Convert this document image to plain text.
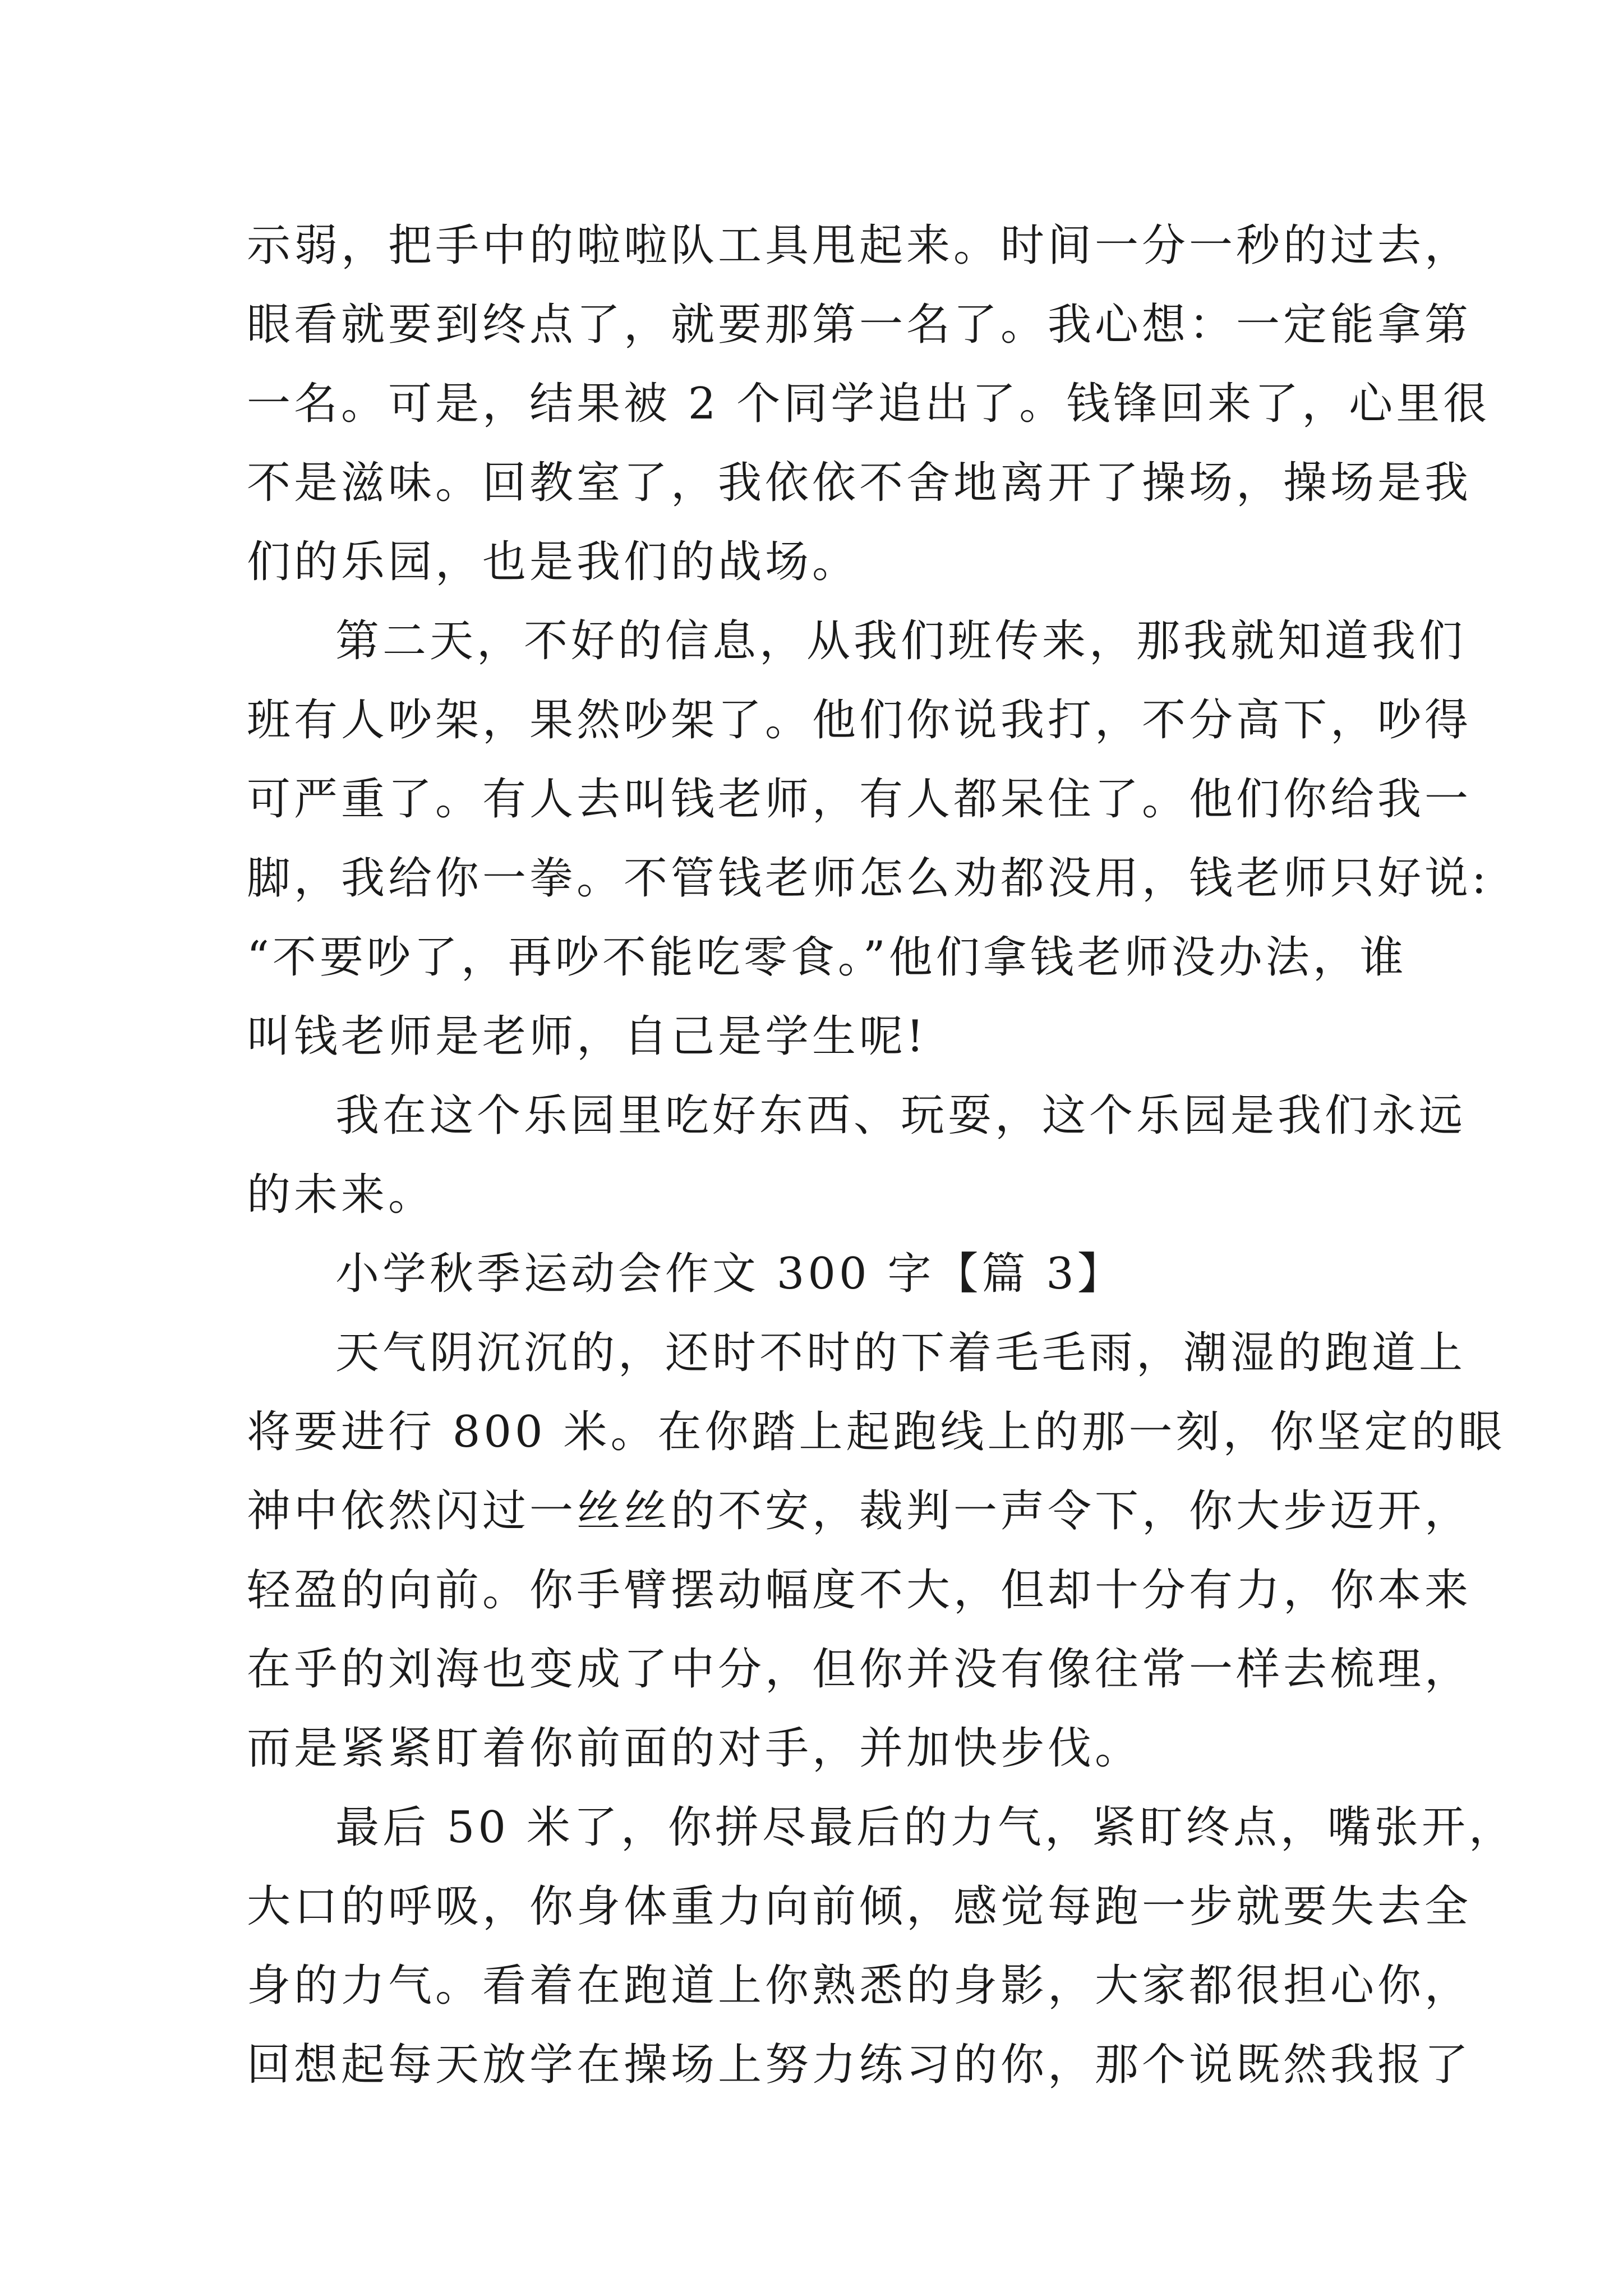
示弱，把手中的啦啦队工具甩起来。时间一分一秒的过去，
眼看就要到终点了，就要那第一名了。我心想：一定能拿第
一名。可是，结果被 2 个同学追出了。钱锋回来了，心里很
不是滋味。回教室了，我依依不舍地离开了操场，操场是我
们的乐园，也是我们的战场。
第二天，不好的信息，从我们班传来，那我就知道我们
班有人吵架，果然吵架了。他们你说我打，不分高下，吵得
可严重了。有人去叫钱老师，有人都呆住了。他们你给我一
脚，我给你一拳。不管钱老师怎么劝都没用，钱老师只好说:
“不要吵了，再吵不能吃零食。”他们拿钱老师没办法，谁
叫钱老师是老师，自己是学生呢!
我在这个乐园里吃好东西、玩耍，这个乐园是我们永远
的未来。
小学秋季运动会作文 300 字【篇 3】
天气阴沉沉的，还时不时的下着毛毛雨，潮湿的跑道上
将要进行 800 米。在你踏上起跑线上的那一刻，你坚定的眼
神中依然闪过一丝丝的不安，裁判一声令下，你大步迈开，
轻盈的向前。你手臂摆动幅度不大，但却十分有力，你本来
在乎的刘海也变成了中分，但你并没有像往常一样去梳理，
而是紧紧盯着你前面的对手，并加快步伐。
最后 50 米了，你拼尽最后的力气，紧盯终点，嘴张开，
大口的呼吸，你身体重力向前倾，感觉每跑一步就要失去全
身的力气。看着在跑道上你熟悉的身影，大家都很担心你，
回想起每天放学在操场上努力练习的你，那个说既然我报了
